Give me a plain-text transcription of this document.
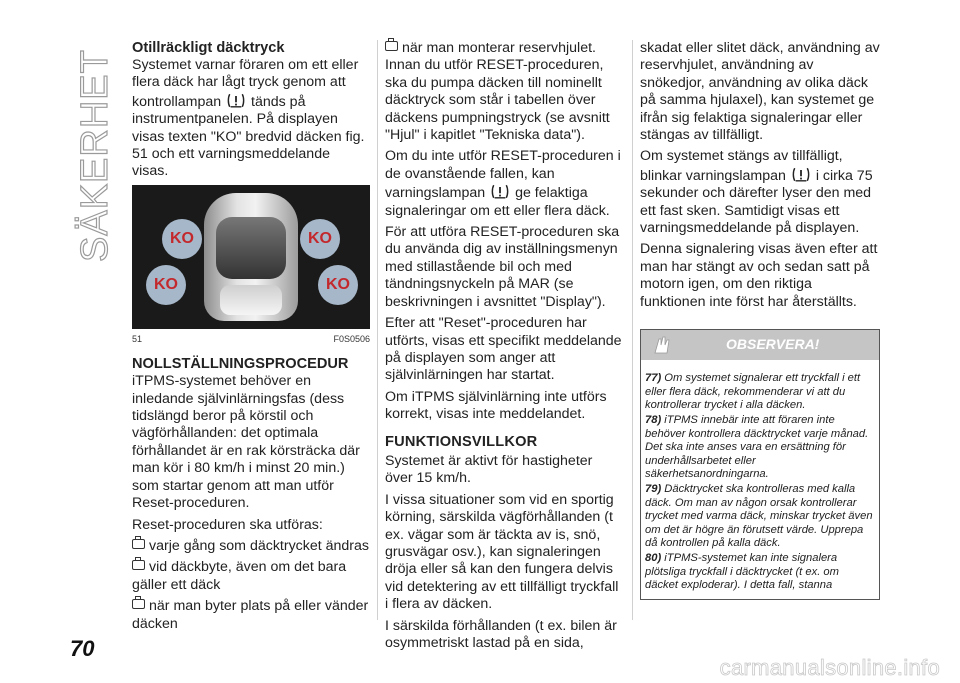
SÄKERHET
Otillräckligt däcktryck

Systemet varnar föraren om ett eller flera däck har lågt tryck genom att kontrollampan tänds på instrumentpanelen. På displayen visas texten "KO" bredvid däcken fig. 51 och ett varningsmeddelande visas.

KO	KO
KO	KO
51	F0S0506
NOLLSTÄLLNINGSPROCEDUR

iTPMS-systemet behöver en inledande självinlärningsfas (dess tidslängd beror på körstil och vägförhållanden: det optimala förhållandet är en rak körsträcka där man kör i 80 km/h i minst 20 min.) som startar genom att man utför Reset-proceduren.

Reset-proceduren ska utföras:

varje gång som däcktrycket ändras

vid däckbyte, även om det bara gäller ett däck

när man byter plats på eller vänder däcken

när man monterar reservhjulet. Innan du utför RESET-proceduren, ska du pumpa däcken till nominellt däcktryck som står i tabellen över däckens pumpningstryck (se avsnitt "Hjul" i kapitlet "Tekniska data").

Om du inte utför RESET-proceduren i de ovanstående fallen, kan varningslampan ge felaktiga signaleringar om ett eller flera däck.

För att utföra RESET-proceduren ska du använda dig av inställningsmenyn med stillastående bil och med tändningsnyckeln på MAR (se beskrivningen i avsnittet "Display").

Efter att "Reset"-proceduren har utförts, visas ett specifikt meddelande på displayen som anger att självinlärningen har startat.

Om iTPMS självinlärning inte utförs korrekt, visas inte meddelandet.

FUNKTIONSVILLKOR

Systemet är aktivt för hastigheter över 15 km/h.

I vissa situationer som vid en sportig körning, särskilda vägförhållanden (t ex. vägar som är täckta av is, snö, grusvägar osv.), kan signaleringen dröja eller så kan den fungera delvis vid detektering av ett tillfälligt tryckfall i flera av däcken.

I särskilda förhållanden (t ex. bilen är osymmetriskt lastad på en sida,

skadat eller slitet däck, användning av reservhjulet, användning av snökedjor, användning av olika däck på samma hjulaxel), kan systemet ge ifrån sig felaktiga signaleringar eller stängas av tillfälligt.

Om systemet stängs av tillfälligt, blinkar varningslampan i cirka 75 sekunder och därefter lyser den med ett fast sken. Samtidigt visas ett varningsmeddelande på displayen.

Denna signalering visas även efter att man har stängt av och sedan satt på motorn igen, om den riktiga funktionen inte först har återställts.

OBSERVERA!

77) Om systemet signalerar ett tryckfall i ett eller flera däck, rekommenderar vi att du kontrollerar trycket i alla däcken.

78) iTPMS innebär inte att föraren inte behöver kontrollera däcktrycket varje månad. Det ska inte anses vara en ersättning för underhållsarbetet eller säkerhetsanordningarna.

79) Däcktrycket ska kontrolleras med kalla däck. Om man av någon orsak kontrollerar trycket med varma däck, minskar trycket även om det är högre än förutsett värde. Upprepa då kontrollen på kalla däck.

80) iTPMS-systemet kan inte signalera plötsliga tryckfall i däcktrycket (t ex. om däcket exploderar). I detta fall, stanna

70
carmanualsonline.info
